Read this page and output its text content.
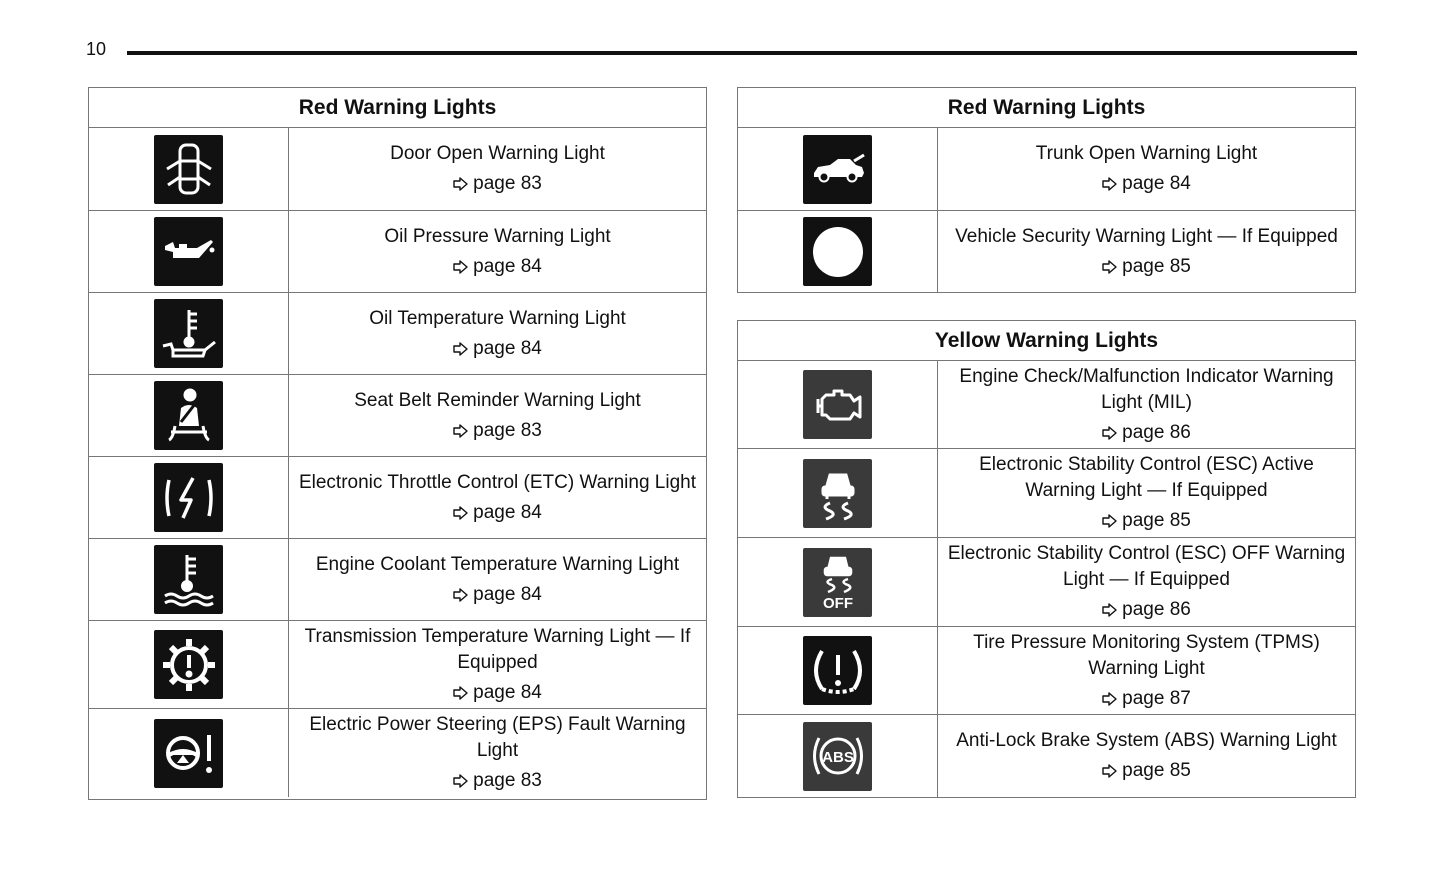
10
Red Warning Lights
Door Open Warning Light
page 83
Oil Pressure Warning Light
page 84
Oil Temperature Warning Light
page 84
Seat Belt Reminder Warning Light
page 83
Electronic Throttle Control (ETC) Warning Light
page 84
Engine Coolant Temperature Warning Light
page 84
Transmission Temperature Warning Light — If Equipped
page 84
Electric Power Steering (EPS) Fault Warning Light
page 83
Red Warning Lights
Trunk Open Warning Light
page 84
Vehicle Security Warning Light — If Equipped
page 85
Yellow Warning Lights
Engine Check/Malfunction Indicator Warning Light (MIL)
page 86
Electronic Stability Control (ESC) Active Warning Light — If Equipped
page 85
OFF
Electronic Stability Control (ESC) OFF Warning Light — If Equipped
page 86
Tire Pressure Monitoring System (TPMS) Warning Light
page 87
ABS
Anti-Lock Brake System (ABS) Warning Light
page 85
